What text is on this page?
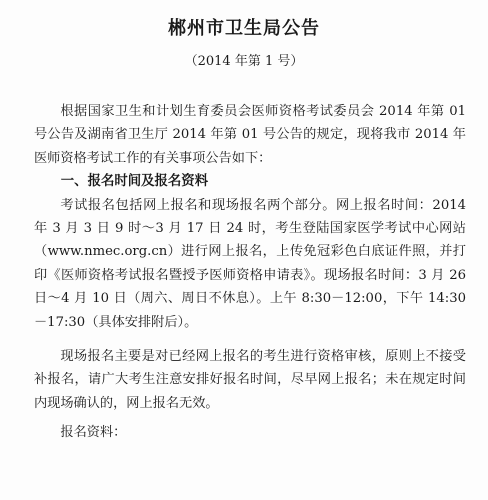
郴州市卫生局公告
（2014 年第 1 号）

根据国家卫生和计划生育委员会医师资格考试委员会 2014 年第 01 号公告及湖南省卫生厅 2014 年第 01 号公告的规定，现将我市 2014 年医师资格考试工作的有关事项公告如下：

一、报名时间及报名资料

考试报名包括网上报名和现场报名两个部分。网上报名时间：2014 年 3 月 3 日 9 时～3 月 17 日 24 时，考生登陆国家医学考试中心网站（www.nmec.org.cn）进行网上报名，上传免冠彩色白底证件照，并打印《医师资格考试报名暨授予医师资格申请表》。现场报名时间：3 月 26 日～4 月 10 日（周六、周日不休息）。上午 8:30－12:00，下午 14:30－17:30（具体安排附后）。

现场报名主要是对已经网上报名的考生进行资格审核，原则上不接受补报名，请广大考生注意安排好报名时间，尽早网上报名；未在规定时间内现场确认的，网上报名无效。

报名资料：
